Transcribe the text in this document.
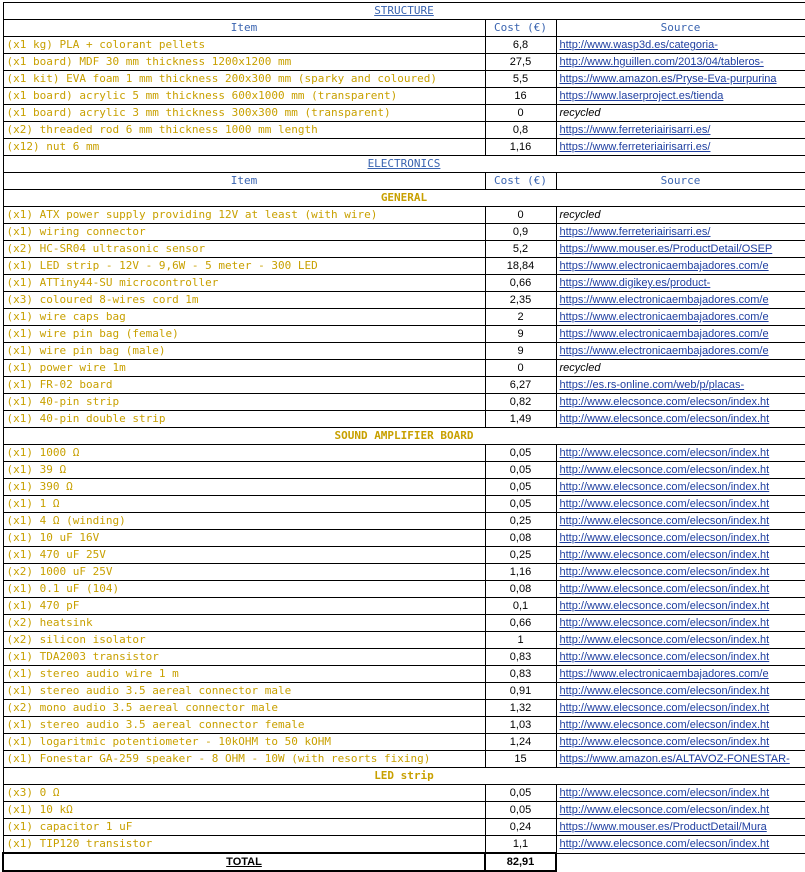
STRUCTURE		
Item	Cost (€)	Source
(x1 kg) PLA + colorant pellets	6,8	http://www.wasp3d.es/categoria-
(x1 board) MDF 30 mm thickness 1200x1200 mm	27,5	http://www.hguillen.com/2013/04/tableros-
(x1 kit) EVA foam 1 mm thickness 200x300 mm (sparky and coloured)	5,5	https://www.amazon.es/Pryse-Eva-purpurina
(x1 board) acrylic 5 mm thickness 600x1000 mm (transparent)	16	https://www.laserproject.es/tienda
(x1 board) acrylic 3 mm thickness 300x300 mm (transparent)	0	recycled
(x2) threaded rod 6 mm thickness 1000 mm length	0,8	https://www.ferreteriairisarri.es/
(x12) nut 6 mm	1,16	https://www.ferreteriairisarri.es/
ELECTRONICS		
Item	Cost (€)	Source
GENERAL		
(x1) ATX power supply providing 12V at least (with wire)	0	recycled
(x1) wiring connector	0,9	https://www.ferreteriairisarri.es/
(x2) HC-SR04 ultrasonic sensor	5,2	https://www.mouser.es/ProductDetail/OSEP
(x1) LED strip - 12V - 9,6W - 5 meter - 300 LED	18,84	https://www.electronicaembajadores.com/e
(x1) ATTiny44-SU microcontroller	0,66	https://www.digikey.es/product-
(x3) coloured 8-wires cord 1m	2,35	https://www.electronicaembajadores.com/e
(x1) wire caps bag	2	https://www.electronicaembajadores.com/e
(x1) wire pin bag (female)	9	https://www.electronicaembajadores.com/e
(x1) wire pin bag (male)	9	https://www.electronicaembajadores.com/e
(x1) power wire 1m	0	recycled
(x1) FR-02 board	6,27	https://es.rs-online.com/web/p/placas-
(x1) 40-pin strip	0,82	http://www.elecsonce.com/elecson/index.ht
(x1) 40-pin double strip	1,49	http://www.elecsonce.com/elecson/index.ht
SOUND AMPLIFIER BOARD		
(x1) 1000 Ω	0,05	http://www.elecsonce.com/elecson/index.ht
(x1) 39 Ω	0,05	http://www.elecsonce.com/elecson/index.ht
(x1) 390 Ω	0,05	http://www.elecsonce.com/elecson/index.ht
(x1) 1 Ω	0,05	http://www.elecsonce.com/elecson/index.ht
(x1) 4 Ω (winding)	0,25	http://www.elecsonce.com/elecson/index.ht
(x1) 10 uF 16V	0,08	http://www.elecsonce.com/elecson/index.ht
(x1) 470 uF 25V	0,25	http://www.elecsonce.com/elecson/index.ht
(x2) 1000 uF 25V	1,16	http://www.elecsonce.com/elecson/index.ht
(x1) 0.1 uF (104)	0,08	http://www.elecsonce.com/elecson/index.ht
(x1) 470 pF	0,1	http://www.elecsonce.com/elecson/index.ht
(x2) heatsink	0,66	http://www.elecsonce.com/elecson/index.ht
(x2) silicon isolator	1	http://www.elecsonce.com/elecson/index.ht
(x1) TDA2003 transistor	0,83	http://www.elecsonce.com/elecson/index.ht
(x1) stereo audio wire 1 m	0,83	https://www.electronicaembajadores.com/e
(x1) stereo audio 3.5 aereal connector male	0,91	http://www.elecsonce.com/elecson/index.ht
(x2) mono audio 3.5 aereal connector male	1,32	http://www.elecsonce.com/elecson/index.ht
(x1) stereo audio 3.5 aereal connector female	1,03	http://www.elecsonce.com/elecson/index.ht
(x1) logaritmic potentiometer - 10kOHM to 50 kOHM	1,24	http://www.elecsonce.com/elecson/index.ht
(x1) Fonestar GA-259 speaker - 8 OHM - 10W (with resorts fixing)	15	https://www.amazon.es/ALTAVOZ-FONESTAR-
LED strip		
(x3) 0 Ω	0,05	http://www.elecsonce.com/elecson/index.ht
(x1) 10 kΩ	0,05	http://www.elecsonce.com/elecson/index.ht
(x1) capacitor 1 uF	0,24	https://www.mouser.es/ProductDetail/Mura
(x1) TIP120 transistor	1,1	http://www.elecsonce.com/elecson/index.ht
TOTAL	82,91	
